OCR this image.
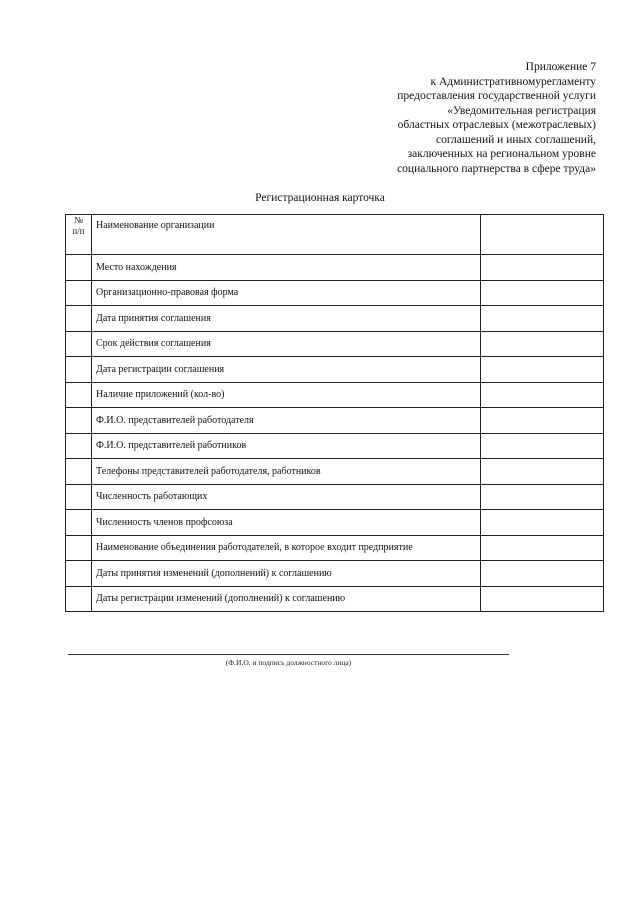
Приложение 7
к Административномурегламенту
предоставления государственной услуги
«Уведомительная регистрация
областных отраслевых (межотраслевых)
соглашений и иных соглашений,
заключенных на региональном уровне
социального партнерства в сфере труда»
Регистрационная карточка
№
п/п	Наименование организации	
	Место нахождения	
	Организационно-правовая форма	
	Дата принятия соглашения	
	Срок действия соглашения	
	Дата регистрации соглашения	
	Наличие приложений (кол-во)	
	Ф.И.О. представителей работодателя	
	Ф.И.О. представителей работников	
	Телефоны представителей работодателя, работников	
	Численность работающих	
	Численность членов профсоюза	
	Наименование объединения работодателей, в которое входит предприятие	
	Даты принятия изменений (дополнений) к соглашению	
	Даты регистрации изменений (дополнений) к соглашению	
(Ф.И.О. и подпись должностного лица)
